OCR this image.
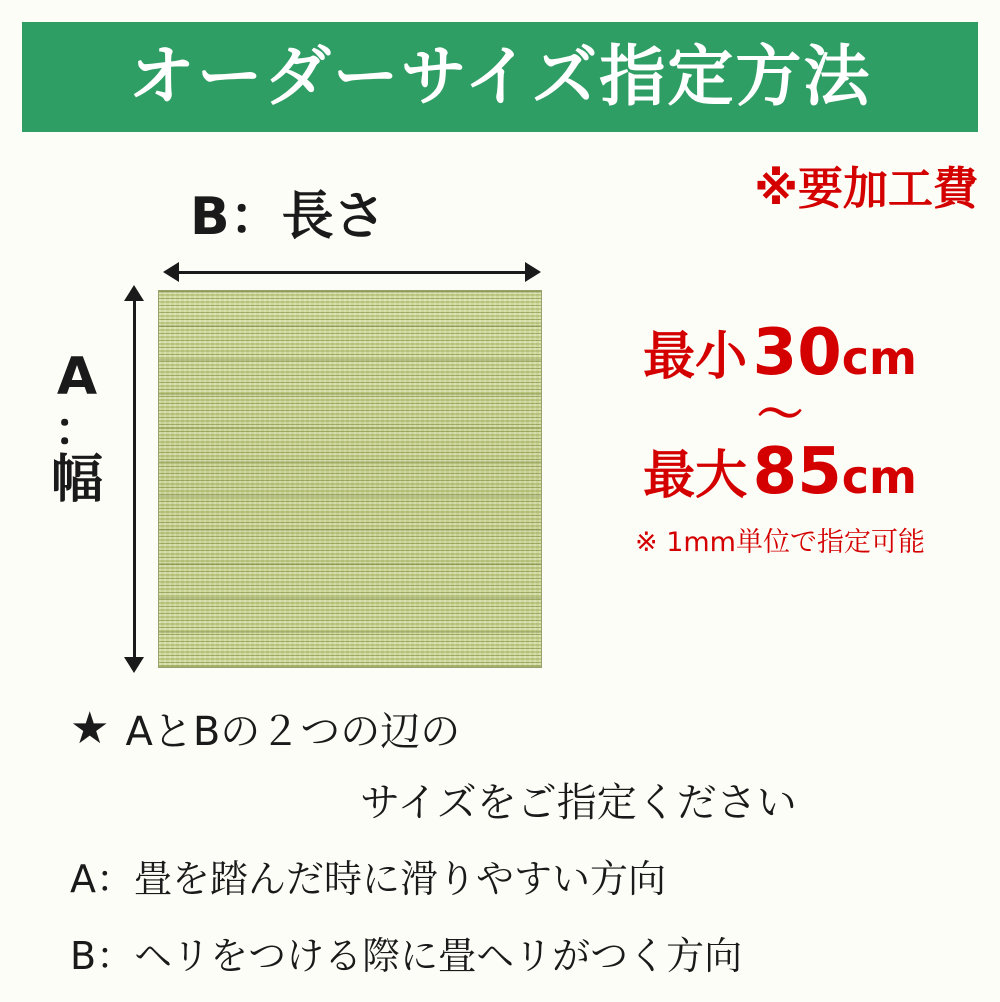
オーダーサイズ指定方法
※要加工費
B：長さ
A
：
幅
最小 30cm
〜
最大 85cm
※ 1mm単位で指定可能
★ AとBの２つの辺の
サイズをご指定ください
A：畳を踏んだ時に滑りやすい方向
B：ヘリをつける際に畳ヘリがつく方向
